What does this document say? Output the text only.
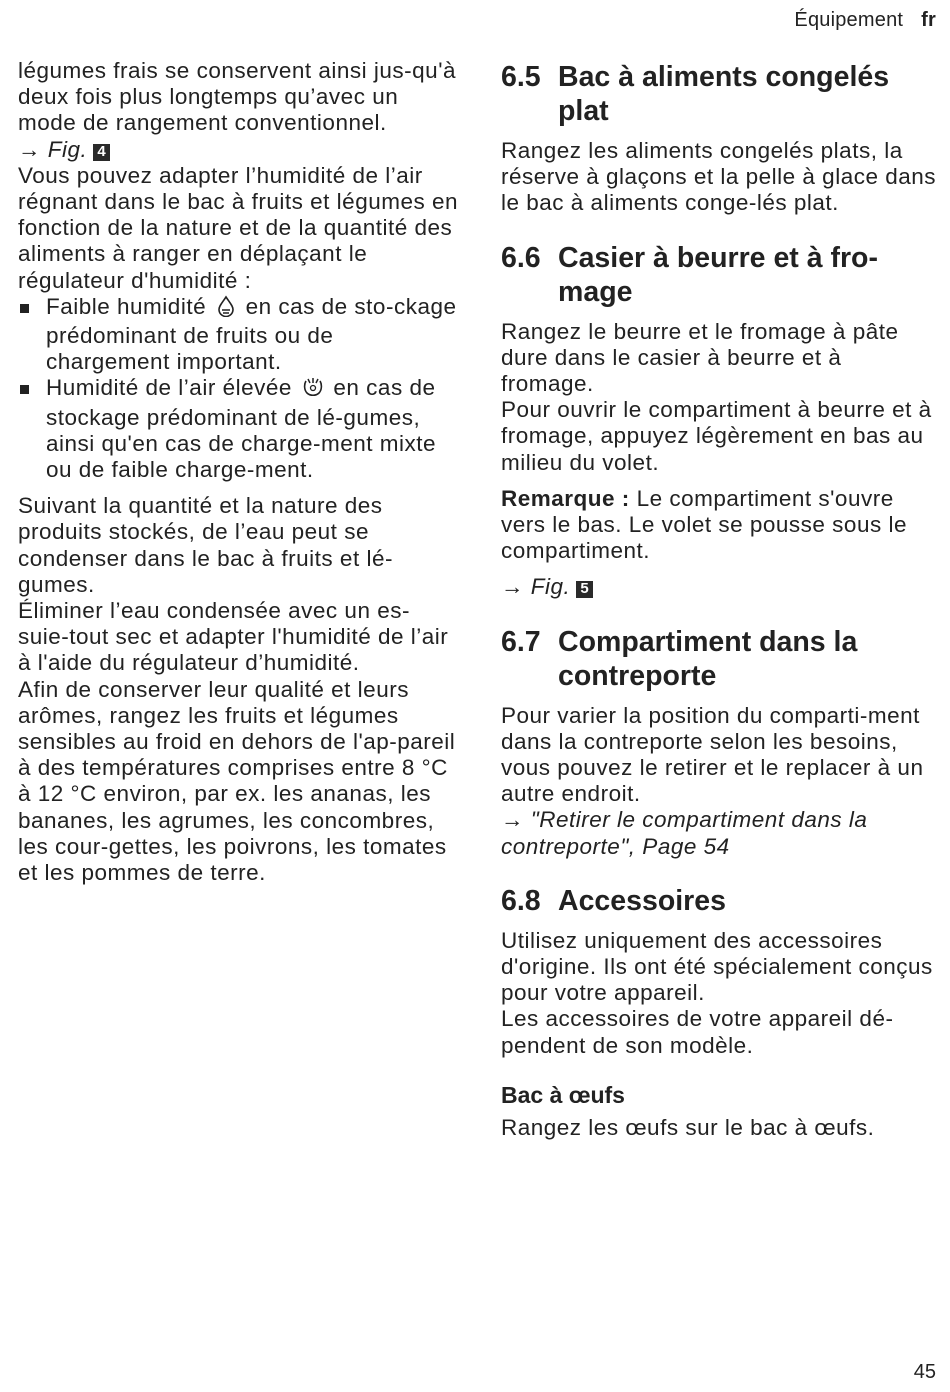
Équipement fr

légumes frais se conservent ainsi jus-qu'à deux fois plus longtemps qu’avec un mode de rangement conventionnel.

→ Fig. 4

Vous pouvez adapter l’humidité de l’air régnant dans le bac à fruits et légumes en fonction de la nature et de la quantité des aliments à ranger en déplaçant le régulateur d'humidité :

Faible humidité en cas de sto-ckage prédominant de fruits ou de chargement important.
Humidité de l’air élevée en cas de stockage prédominant de lé-gumes, ainsi qu'en cas de charge-ment mixte ou de faible charge-ment.

Suivant la quantité et la nature des produits stockés, de l’eau peut se condenser dans le bac à fruits et lé-gumes.

Éliminer l’eau condensée avec un es-suie-tout sec et adapter l'humidité de l’air à l'aide du régulateur d’humidité.

Afin de conserver leur qualité et leurs arômes, rangez les fruits et légumes sensibles au froid en dehors de l'ap-pareil à des températures comprises entre 8 °C à 12 °C environ, par ex. les ananas, les bananes, les agrumes, les concombres, les cour-gettes, les poivrons, les tomates et les pommes de terre.

6.5 Bac à aliments congelés plat

Rangez les aliments congelés plats, la réserve à glaçons et la pelle à glace dans le bac à aliments conge-lés plat.

6.6 Casier à beurre et à fro-mage

Rangez le beurre et le fromage à pâte dure dans le casier à beurre et à fromage.

Pour ouvrir le compartiment à beurre et à fromage, appuyez légèrement en bas au milieu du volet.

Remarque : Le compartiment s'ouvre vers le bas. Le volet se pousse sous le compartiment.

→ Fig. 5

6.7 Compartiment dans la contreporte

Pour varier la position du comparti-ment dans la contreporte selon les besoins, vous pouvez le retirer et le replacer à un autre endroit.

→ "Retirer le compartiment dans la contreporte", Page 54

6.8 Accessoires

Utilisez uniquement des accessoires d'origine. Ils ont été spécialement conçus pour votre appareil.

Les accessoires de votre appareil dé-pendent de son modèle.

Bac à œufs

Rangez les œufs sur le bac à œufs.

45
